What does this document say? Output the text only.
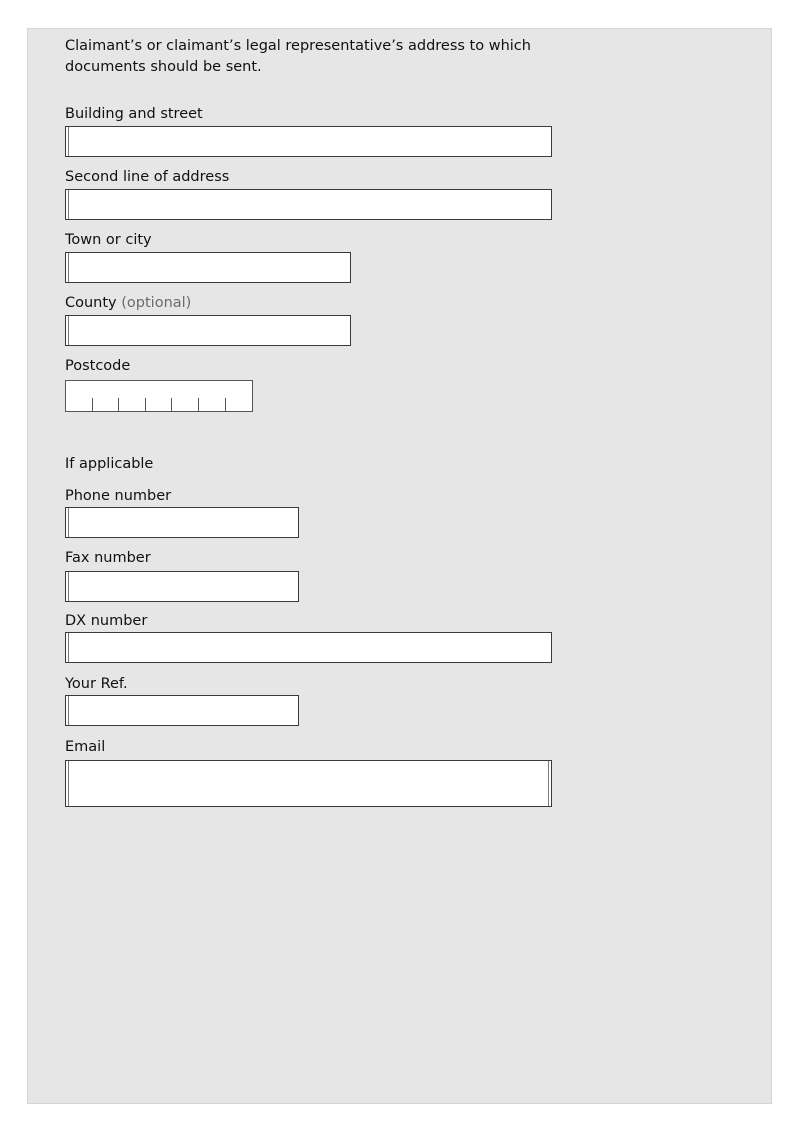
Claimant’s or claimant’s legal representative’s address to which
documents should be sent.
Building and street
Second line of address
Town or city
County (optional)
Postcode
If applicable
Phone number
Fax number
DX number
Your Ref.
Email
